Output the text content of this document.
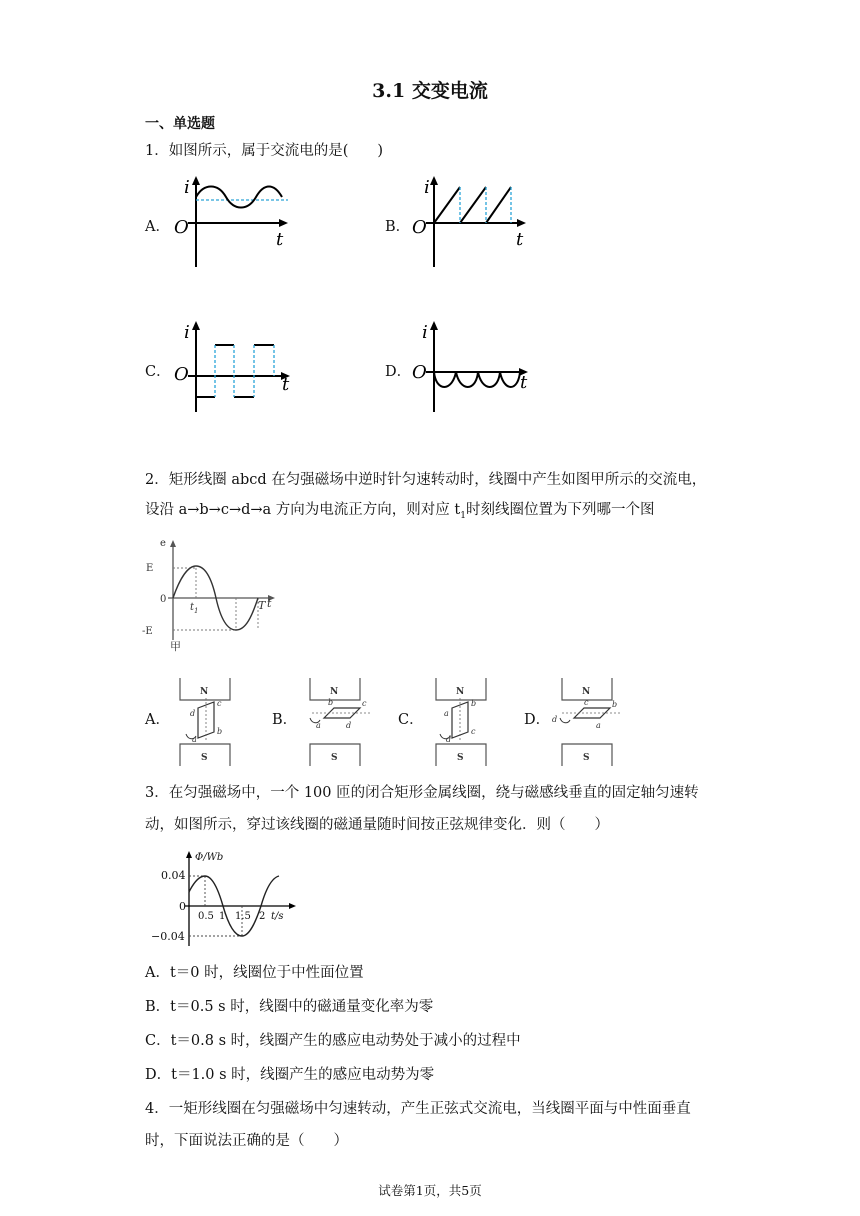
3.1 交变电流
一、单选题
1．如图所示，属于交流电的是(　　)
A．
i
O
t
B．
i
O
t
C．
i
O	t
D．
i
O	t
2．矩形线圈 abcd 在匀强磁场中逆时针匀速转动时，线圈中产生如图甲所示的交流电，
设沿 a→b→c→d→a 方向为电流正方向，则对应 $t_1$时刻线圈位置为下列哪一个图
e
E
0
-E
$t_1$	T t
甲
A．
N
S
d
c
a
b
B．
N
S
b	c
a	d	C．
N
S
a
b
d
c
D．
N
S
c	b
d
a
3．在匀强磁场中，一个 100 匝的闭合矩形金属线圈，绕与磁感线垂直的固定轴匀速转
动，如图所示，穿过该线圈的磁通量随时间按正弦规律变化．则（　　）
Φ/Wb
0.04
0
−0.04
0.5 1 1.5 2 t/s
A．t＝0 时，线圈位于中性面位置
B．t＝0.5 s 时，线圈中的磁通量变化率为零
C．t＝0.8 s 时，线圈产生的感应电动势处于减小的过程中
D．t＝1.0 s 时，线圈产生的感应电动势为零
4．一矩形线圈在匀强磁场中匀速转动，产生正弦式交流电，当线圈平面与中性面垂直
时，下面说法正确的是（　　）
试卷第1页，共5页
